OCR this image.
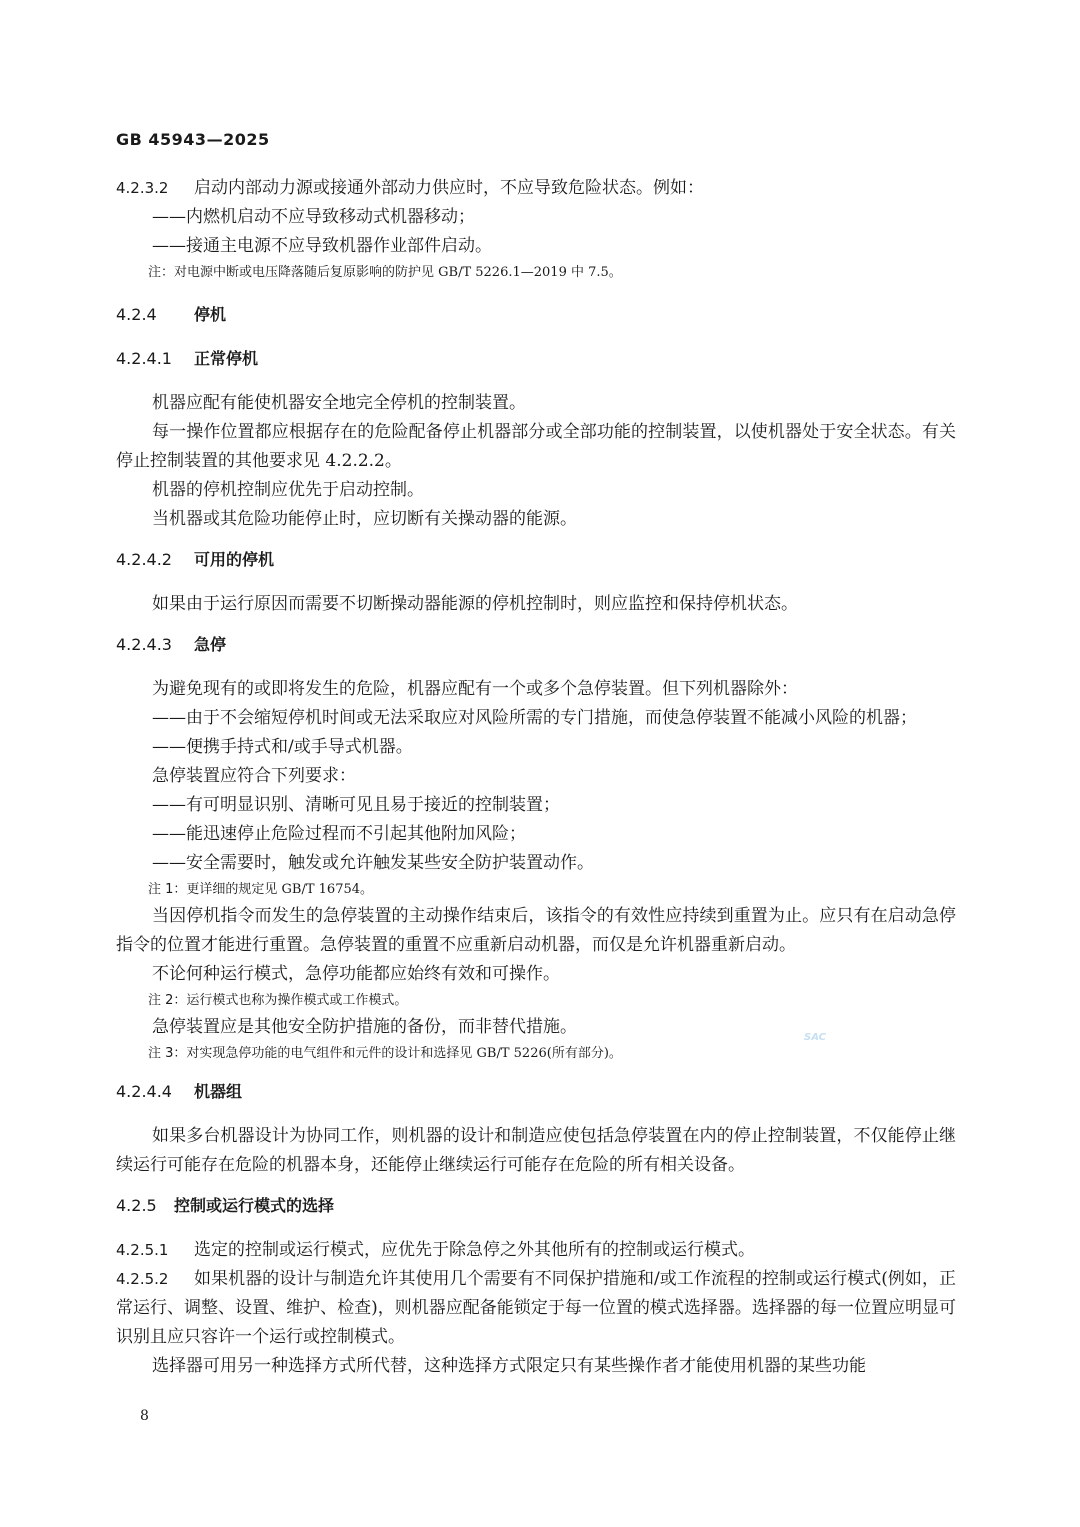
GB 45943—2025

4.2.3.2 启动内部动力源或接通外部动力供应时，不应导致危险状态。例如：

——内燃机启动不应导致移动式机器移动；

——接通主电源不应导致机器作业部件启动。

注：对电源中断或电压降落随后复原影响的防护见 GB/T 5226.1—2019 中 7.5。

4.2.4 停机

4.2.4.1 正常停机

机器应配有能使机器安全地完全停机的控制装置。

每一操作位置都应根据存在的危险配备停止机器部分或全部功能的控制装置，以使机器处于安全状态。有关停止控制装置的其他要求见 4.2.2.2。

机器的停机控制应优先于启动控制。

当机器或其危险功能停止时，应切断有关操动器的能源。

4.2.4.2 可用的停机

如果由于运行原因而需要不切断操动器能源的停机控制时，则应监控和保持停机状态。

4.2.4.3 急停

为避免现有的或即将发生的危险，机器应配有一个或多个急停装置。但下列机器除外：

——由于不会缩短停机时间或无法采取应对风险所需的专门措施，而使急停装置不能减小风险的机器；

——便携手持式和/或手导式机器。

急停装置应符合下列要求：

——有可明显识别、清晰可见且易于接近的控制装置；

——能迅速停止危险过程而不引起其他附加风险；

——安全需要时，触发或允许触发某些安全防护装置动作。

注 1：更详细的规定见 GB/T 16754。

当因停机指令而发生的急停装置的主动操作结束后，该指令的有效性应持续到重置为止。应只有在启动急停指令的位置才能进行重置。急停装置的重置不应重新启动机器，而仅是允许机器重新启动。

不论何种运行模式，急停功能都应始终有效和可操作。

注 2：运行模式也称为操作模式或工作模式。

急停装置应是其他安全防护措施的备份，而非替代措施。

注 3：对实现急停功能的电气组件和元件的设计和选择见 GB/T 5226(所有部分)。

4.2.4.4 机器组

如果多台机器设计为协同工作，则机器的设计和制造应使包括急停装置在内的停止控制装置，不仅能停止继续运行可能存在危险的机器本身，还能停止继续运行可能存在危险的所有相关设备。

4.2.5 控制或运行模式的选择

4.2.5.1 选定的控制或运行模式，应优先于除急停之外其他所有的控制或运行模式。

4.2.5.2 如果机器的设计与制造允许其使用几个需要有不同保护措施和/或工作流程的控制或运行模式(例如，正常运行、调整、设置、维护、检查)，则机器应配备能锁定于每一位置的模式选择器。选择器的每一位置应明显可识别且应只容许一个运行或控制模式。

选择器可用另一种选择方式所代替，这种选择方式限定只有某些操作者才能使用机器的某些功能

SAC
8
